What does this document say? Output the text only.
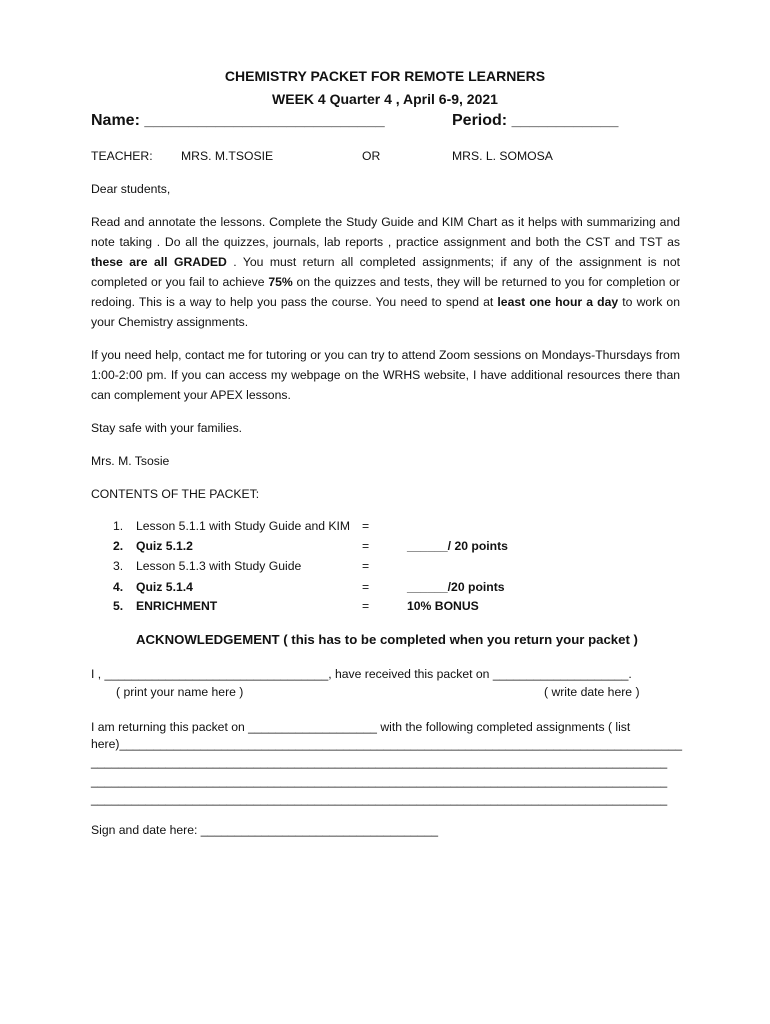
CHEMISTRY PACKET FOR REMOTE LEARNERS
WEEK 4 Quarter 4 , April 6-9, 2021
Name: ___________________________	Period: ____________
TEACHER: MRS. M.TSOSIE	OR	MRS. L. SOMOSA
Dear students,
Read and annotate the lessons. Complete the Study Guide and KIM Chart as it helps with summarizing and note taking . Do all the quizzes, journals, lab reports , practice assignment and both the CST and TST as these are all GRADED . You must return all completed assignments; if any of the assignment is not completed or you fail to achieve 75% on the quizzes and tests, they will be returned to you for completion or redoing. This is a way to help you pass the course. You need to spend at least one hour a day to work on your Chemistry assignments.
If you need help, contact me for tutoring or you can try to attend Zoom sessions on Mondays-Thursdays from 1:00-2:00 pm. If you can access my webpage on the WRHS website, I have additional resources there than can complement your APEX lessons.
Stay safe with your families.
Mrs. M. Tsosie
CONTENTS OF THE PACKET:
1. Lesson 5.1.1 with Study Guide and KIM =
2. Quiz 5.1.2	=	______/ 20 points
3. Lesson 5.1.3 with Study Guide	=
4. Quiz 5.1.4	=	______/20 points
5. ENRICHMENT	=	10% BONUS
ACKNOWLEDGEMENT ( this has to be completed when you return your packet )
I , _________________________________, have received this packet on ____________________.
( print your name here )	( write date here )
I am returning this packet on ___________________ with the following completed assignments ( list
here)___________________________________________________________________________________
_____________________________________________________________________________________
_____________________________________________________________________________________
_____________________________________________________________________________________
Sign and date here: ___________________________________
